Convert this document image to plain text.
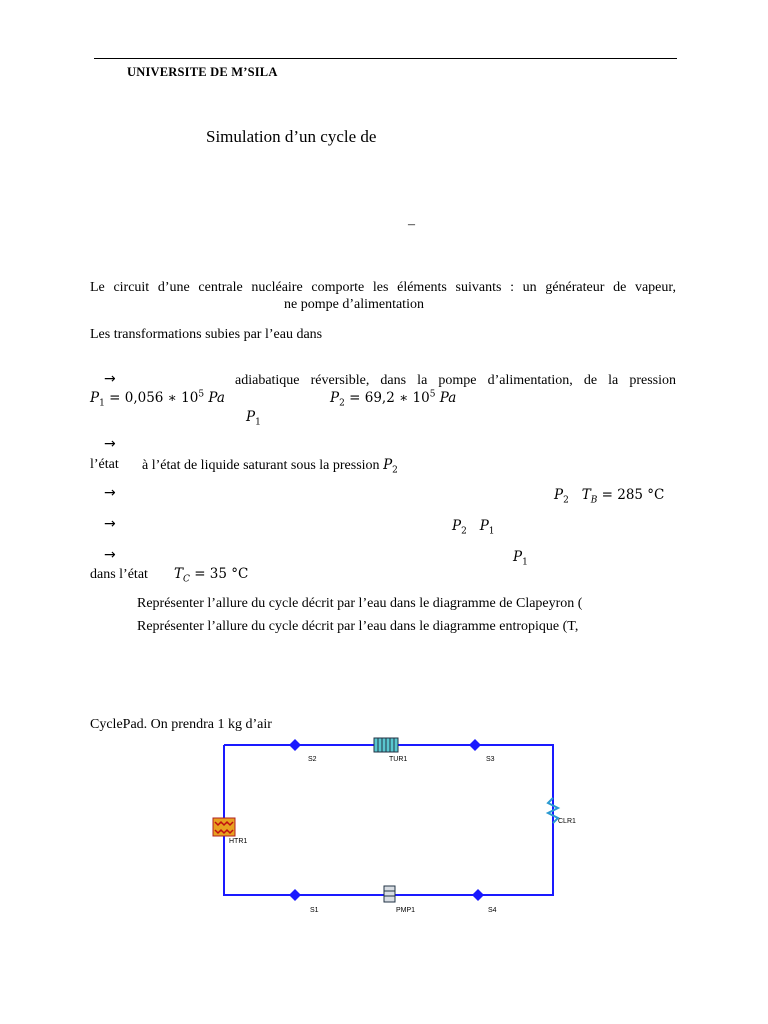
UNIVERSITE DE M’SILA
Simulation d’un cycle de
–
Le circuit d’une centrale nucléaire comporte les éléments suivants : un générateur de vapeur,
ne pompe d’alimentation
Les transformations subies par l’eau dans
→	adiabatique réversible, dans la pompe d’alimentation, de la pression
$P_1 = 0,056$ ∗ $10^5$ Pa	$P_2 = 69,2$ ∗ $10^5$ Pa
$P_1$
→
l’état à l’état de liquide saturant sous la pression $P_2$
→	$P_2$ $T_B = 285$ °C
→	$P_2$ $P_1$
→	$P_1$
dans l’état $T_C = 35$ °C
Représenter l’allure du cycle décrit par l’eau dans le diagramme de Clapeyron (
Représenter l’allure du cycle décrit par l’eau dans le diagramme entropique (T,
CyclePad. On prendra 1 kg d’air
S2	TUR1	S3
CLR1
HTR1
S1	PMP1	S4
